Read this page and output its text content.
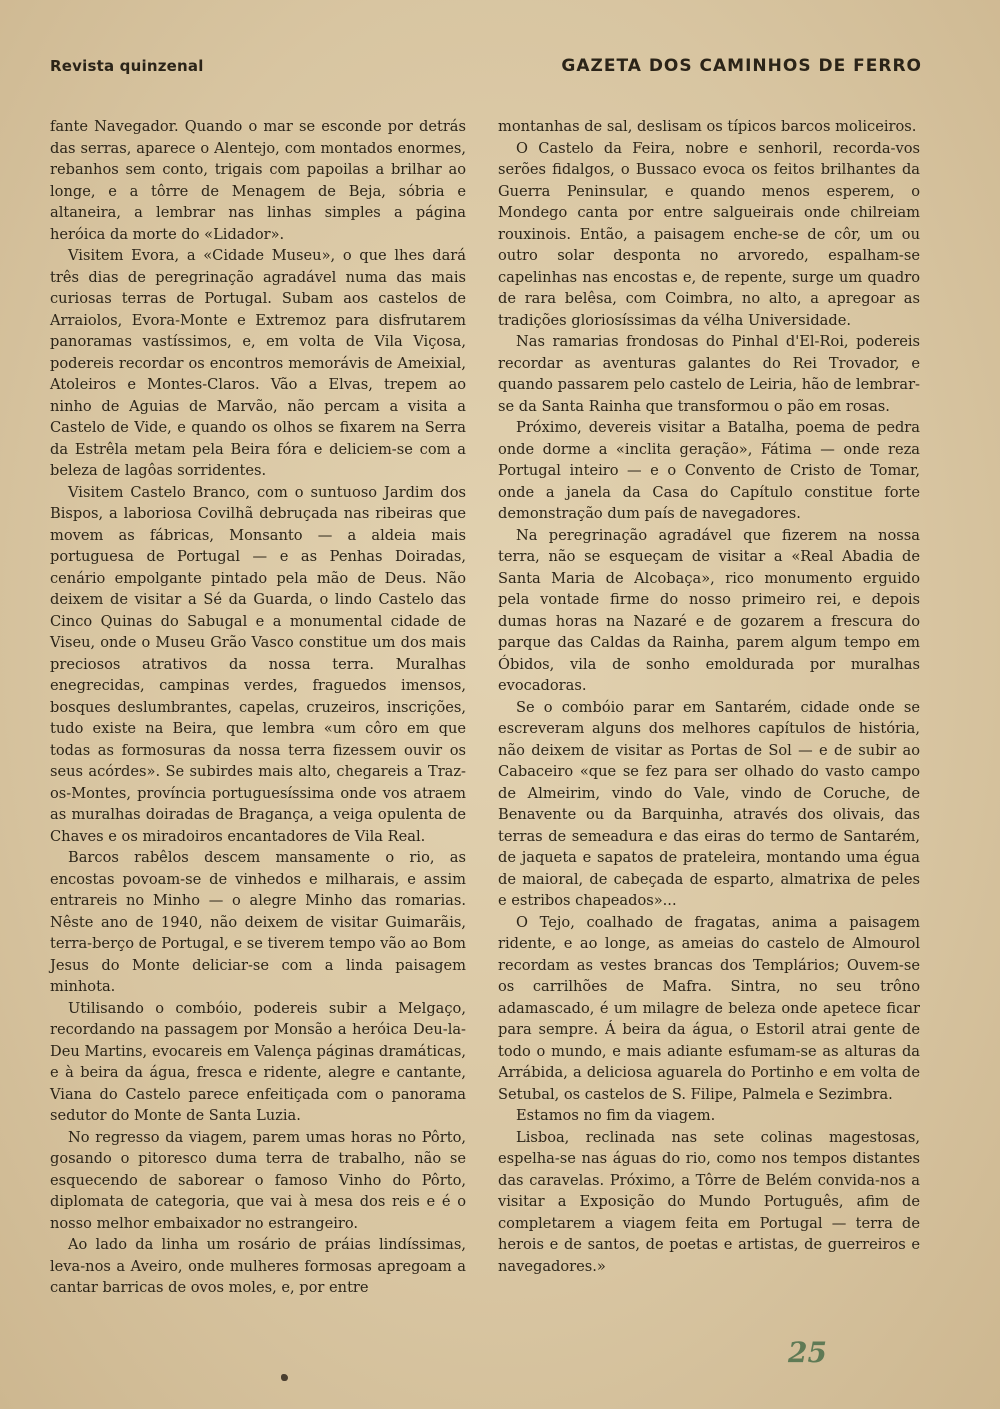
Revista quinzenal	GAZETA DOS CAMINHOS DE FERRO

fante Navegador. Quando o mar se esconde por detrás das serras, aparece o Alentejo, com montados enormes, rebanhos sem conto, trigais com papoilas a brilhar ao longe, e a tôrre de Menagem de Beja, sóbria e altaneira, a lembrar nas linhas simples a página heróica da morte do «Lidador».

Visitem Evora, a «Cidade Museu», o que lhes dará três dias de peregrinação agradável numa das mais curiosas terras de Portugal. Subam aos castelos de Arraiolos, Evora-Monte e Extremoz para disfrutarem panoramas vastíssimos, e, em volta de Vila Viçosa, podereis recordar os encontros memorávis de Ameixial, Atoleiros e Montes-Claros. Vão a Elvas, trepem ao ninho de Aguias de Marvão, não percam a visita a Castelo de Vide, e quando os olhos se fixarem na Serra da Estrêla metam pela Beira fóra e deliciem-se com a beleza de lagôas sorridentes.

Visitem Castelo Branco, com o suntuoso Jardim dos Bispos, a laboriosa Covilhã debruçada nas ribeiras que movem as fábricas, Monsanto — a aldeia mais portuguesa de Portugal — e as Penhas Doiradas, cenário empolgante pintado pela mão de Deus. Não deixem de visitar a Sé da Guarda, o lindo Castelo das Cinco Quinas do Sabugal e a monumental cidade de Viseu, onde o Museu Grão Vasco constitue um dos mais preciosos atrativos da nossa terra. Muralhas enegrecidas, campinas verdes, fraguedos imensos, bosques deslumbrantes, capelas, cruzeiros, inscrições, tudo existe na Beira, que lembra «um côro em que todas as formosuras da nossa terra fizessem ouvir os seus acórdes». Se subirdes mais alto, chegareis a Traz-os-Montes, província portuguesíssima onde vos atraem as muralhas doiradas de Bragança, a veiga opulenta de Chaves e os miradoiros encantadores de Vila Real.

Barcos rabêlos descem mansamente o rio, as encostas povoam-se de vinhedos e milharais, e assim entrareis no Minho — o alegre Minho das romarias. Nêste ano de 1940, não deixem de visitar Guimarãis, terra-berço de Portugal, e se tiverem tempo vão ao Bom Jesus do Monte deliciar-se com a linda paisagem minhota.

Utilisando o combóio, podereis subir a Melgaço, recordando na passagem por Monsão a heróica Deu-la-Deu Martins, evocareis em Valença páginas dramáticas, e à beira da água, fresca e ridente, alegre e cantante, Viana do Castelo parece enfeitiçada com o panorama sedutor do Monte de Santa Luzia.

No regresso da viagem, parem umas horas no Pôrto, gosando o pitoresco duma terra de trabalho, não se esquecendo de saborear o famoso Vinho do Pôrto, diplomata de categoria, que vai à mesa dos reis e é o nosso melhor embaixador no estrangeiro.

Ao lado da linha um rosário de práias lindíssimas, leva-nos a Aveiro, onde mulheres formosas apregoam a cantar barricas de ovos moles, e, por entre

montanhas de sal, deslisam os típicos barcos moliceiros.

O Castelo da Feira, nobre e senhoril, recorda-vos serões fidalgos, o Bussaco evoca os feitos brilhantes da Guerra Peninsular, e quando menos esperem, o Mondego canta por entre salgueirais onde chilreiam rouxinois. Então, a paisagem enche-se de côr, um ou outro solar desponta no arvoredo, espalham-se capelinhas nas encostas e, de repente, surge um quadro de rara belêsa, com Coimbra, no alto, a apregoar as tradições gloriosíssimas da vélha Universidade.

Nas ramarias frondosas do Pinhal d'El-Roi, podereis recordar as aventuras galantes do Rei Trovador, e quando passarem pelo castelo de Leiria, hão de lembrar-se da Santa Rainha que transformou o pão em rosas.

Próximo, devereis visitar a Batalha, poema de pedra onde dorme a «inclita geração», Fátima — onde reza Portugal inteiro — e o Convento de Cristo de Tomar, onde a janela da Casa do Capítulo constitue forte demonstração dum país de navegadores.

Na peregrinação agradável que fizerem na nossa terra, não se esqueçam de visitar a «Real Abadia de Santa Maria de Alcobaça», rico monumento erguido pela vontade firme do nosso primeiro rei, e depois dumas horas na Nazaré e de gozarem a frescura do parque das Caldas da Rainha, parem algum tempo em Óbidos, vila de sonho emoldurada por muralhas evocadoras.

Se o combóio parar em Santarém, cidade onde se escreveram alguns dos melhores capítulos de história, não deixem de visitar as Portas de Sol — e de subir ao Cabaceiro «que se fez para ser olhado do vasto campo de Almeirim, vindo do Vale, vindo de Coruche, de Benavente ou da Barquinha, através dos olivais, das terras de semeadura e das eiras do termo de Santarém, de jaqueta e sapatos de prateleira, montando uma égua de maioral, de cabeçada de esparto, almatrixa de peles e estribos chapeados»...

O Tejo, coalhado de fragatas, anima a paisagem ridente, e ao longe, as ameias do castelo de Almourol recordam as vestes brancas dos Templários; Ouvem-se os carrilhões de Mafra. Sintra, no seu trôno adamascado, é um milagre de beleza onde apetece ficar para sempre. Á beira da água, o Estoril atrai gente de todo o mundo, e mais adiante esfumam-se as alturas da Arrábida, a deliciosa aguarela do Portinho e em volta de Setubal, os castelos de S. Filipe, Palmela e Sezimbra.

Estamos no fim da viagem.

Lisboa, reclinada nas sete colinas magestosas, espelha-se nas águas do rio, como nos tempos distantes das caravelas. Próximo, a Tôrre de Belém convida-nos a visitar a Exposição do Mundo Português, afim de completarem a viagem feita em Portugal — terra de herois e de santos, de poetas e artistas, de guerreiros e navegadores.»

25
